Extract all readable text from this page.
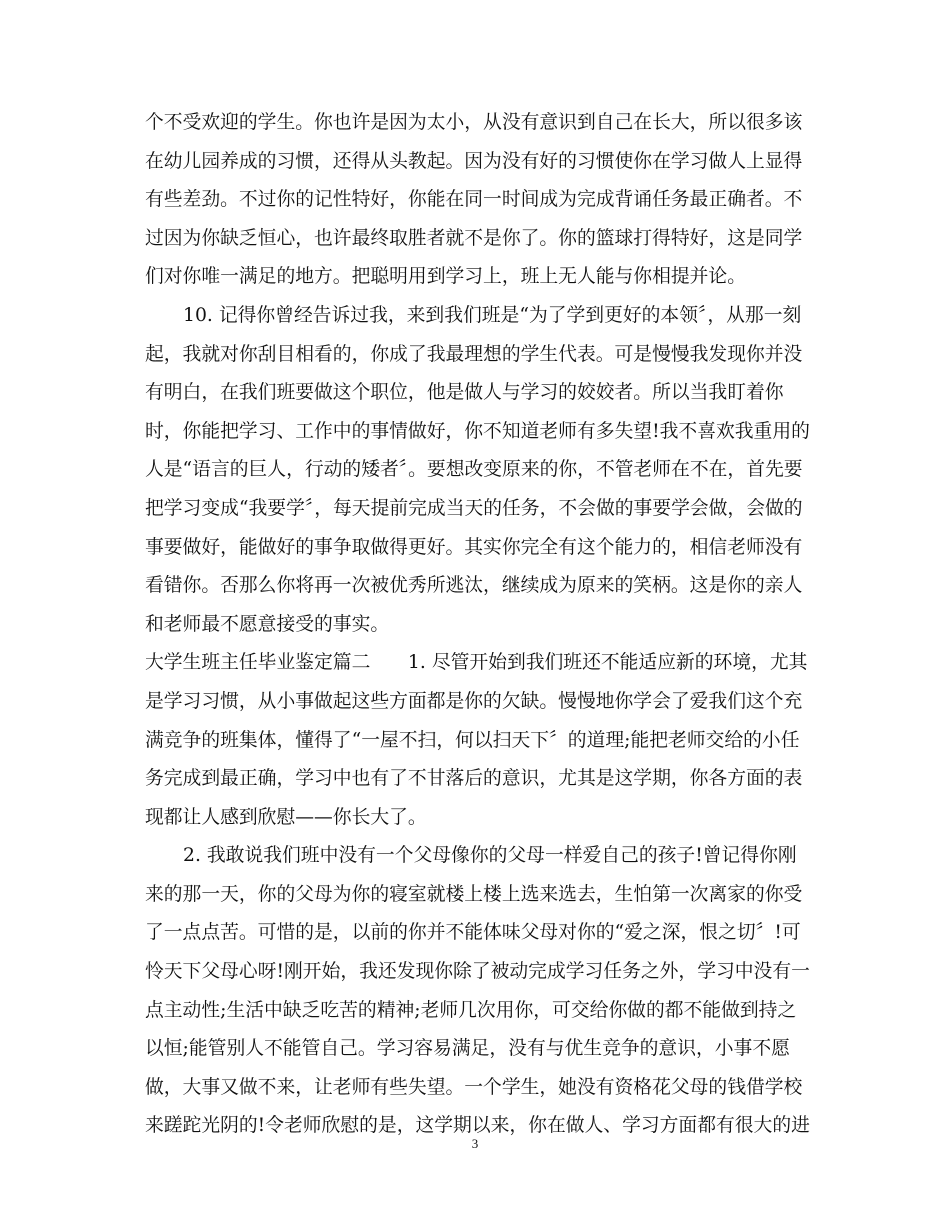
个不受欢迎的学生。你也许是因为太小，从没有意识到自己在长大，所以很多该
在幼儿园养成的习惯，还得从头教起。因为没有好的习惯使你在学习做人上显得
有些差劲。不过你的记性特好，你能在同一时间成为完成背诵任务最正确者。不
过因为你缺乏恒心，也许最终取胜者就不是你了。你的篮球打得特好，这是同学
们对你唯一满足的地方。把聪明用到学习上，班上无人能与你相提并论。
10. 记得你曾经告诉过我，来到我们班是“为了学到更好的本领〞，从那一刻
起，我就对你刮目相看的，你成了我最理想的学生代表。可是慢慢我发现你并没
有明白，在我们班要做这个职位，他是做人与学习的姣姣者。所以当我盯着你
时，你能把学习、工作中的事情做好，你不知道老师有多失望!我不喜欢我重用的
人是“语言的巨人，行动的矮者〞。要想改变原来的你，不管老师在不在，首先要
把学习变成“我要学〞，每天提前完成当天的任务，不会做的事要学会做，会做的
事要做好，能做好的事争取做得更好。其实你完全有这个能力的，相信老师没有
看错你。否那么你将再一次被优秀所逃汰，继续成为原来的笑柄。这是你的亲人
和老师最不愿意接受的事实。
大学生班主任毕业鉴定篇二　　1. 尽管开始到我们班还不能适应新的环境，尤其
是学习习惯，从小事做起这些方面都是你的欠缺。慢慢地你学会了爱我们这个充
满竞争的班集体，懂得了“一屋不扫，何以扫天下〞的道理;能把老师交给的小任
务完成到最正确，学习中也有了不甘落后的意识，尤其是这学期，你各方面的表
现都让人感到欣慰——你长大了。
2. 我敢说我们班中没有一个父母像你的父母一样爱自己的孩子!曾记得你刚
来的那一天，你的父母为你的寝室就楼上楼上选来选去，生怕第一次离家的你受
了一点点苦。可惜的是，以前的你并不能体味父母对你的“爱之深，恨之切〞!可
怜天下父母心呀!刚开始，我还发现你除了被动完成学习任务之外，学习中没有一
点主动性;生活中缺乏吃苦的精神;老师几次用你，可交给你做的都不能做到持之
以恒;能管别人不能管自己。学习容易满足，没有与优生竞争的意识，小事不愿
做，大事又做不来，让老师有些失望。一个学生，她没有资格花父母的钱借学校
来蹉跎光阴的!令老师欣慰的是，这学期以来，你在做人、学习方面都有很大的进
3
